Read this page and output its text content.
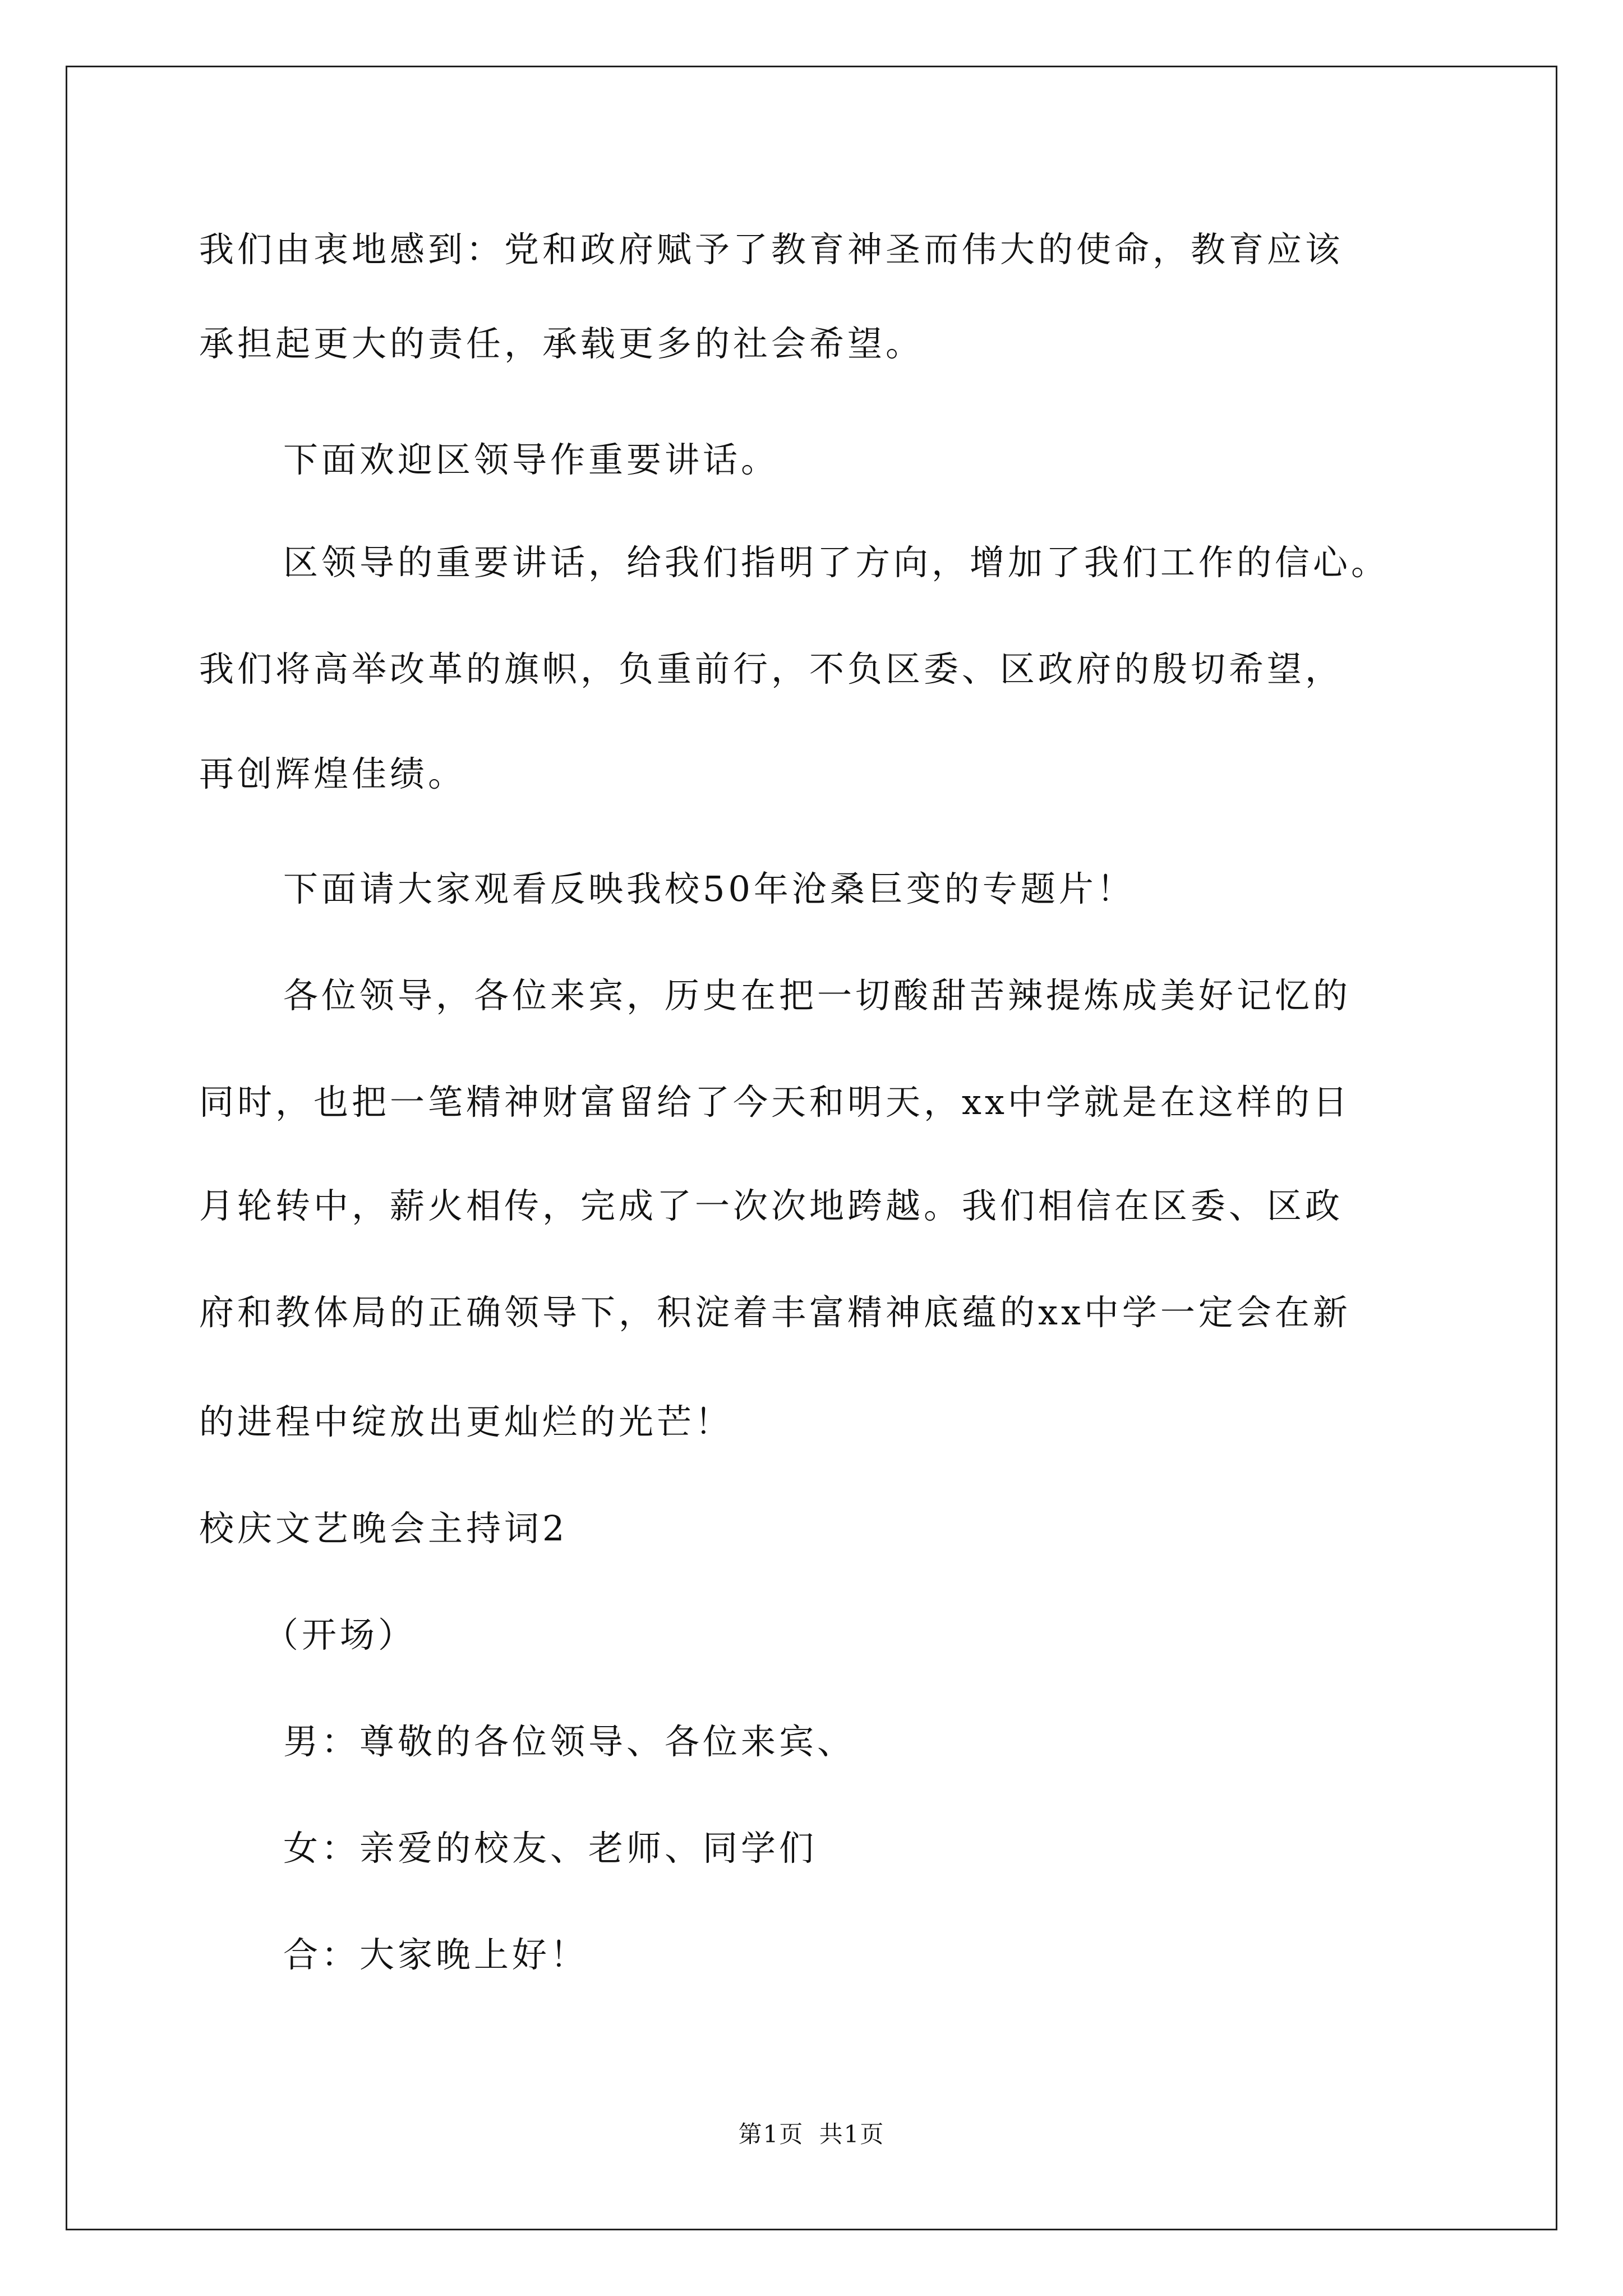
我们由衷地感到：党和政府赋予了教育神圣而伟大的使命，教育应该
承担起更大的责任，承载更多的社会希望。
下面欢迎区领导作重要讲话。
区领导的重要讲话，给我们指明了方向，增加了我们工作的信心。
我们将高举改革的旗帜，负重前行，不负区委、区政府的殷切希望，
再创辉煌佳绩。
下面请大家观看反映我校50年沧桑巨变的专题片！
各位领导，各位来宾，历史在把一切酸甜苦辣提炼成美好记忆的
同时，也把一笔精神财富留给了今天和明天，xx中学就是在这样的日
月轮转中，薪火相传，完成了一次次地跨越。我们相信在区委、区政
府和教体局的正确领导下，积淀着丰富精神底蕴的xx中学一定会在新
的进程中绽放出更灿烂的光芒！
校庆文艺晚会主持词2
（开场）
男：尊敬的各位领导、各位来宾、
女：亲爱的校友、老师、同学们
合：大家晚上好！
第1页 共1页
